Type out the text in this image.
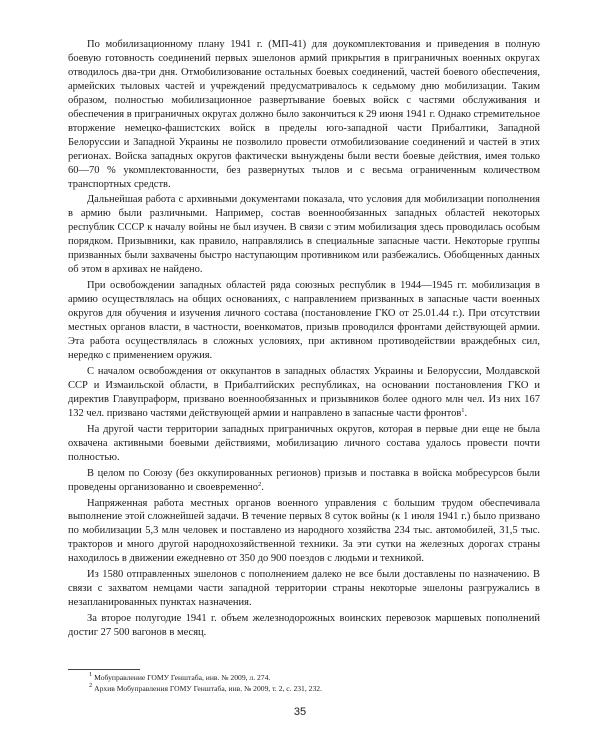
По мобилизационному плану 1941 г. (МП-41) для доукомплектования и приведения в полную боевую готовность соединений первых эшелонов армий прикрытия в приграничных военных округах отводилось два-три дня. Отмобилизование остальных боевых соединений, частей боевого обеспечения, армейских тыловых частей и учреждений предусматривалось к седьмому дню мобилизации. Таким образом, полностью мобилизационное развертывание боевых войск с частями обслуживания и обеспечения в приграничных округах должно было закончиться к 29 июня 1941 г. Однако стремительное вторжение немецко-фашистских войск в пределы юго-западной части Прибалтики, Западной Белоруссии и Западной Украины не позволило провести отмобилизование соединений и частей в этих регионах. Войска западных округов фактически вынуждены были вести боевые действия, имея только 60—70 % укомплектованности, без развернутых тылов и с весьма ограниченным количеством транспортных средств.

Дальнейшая работа с архивными документами показала, что условия для мобилизации пополнения в армию были различными. Например, состав военнообязанных западных областей некоторых республик СССР к началу войны не был изучен. В связи с этим мобилизация здесь проводилась особым порядком. Призывники, как правило, направлялись в специальные запасные части. Некоторые группы призванных были захвачены быстро наступающим противником или разбежались. Обобщенных данных об этом в архивах не найдено.

При освобождении западных областей ряда союзных республик в 1944—1945 гг. мобилизация в армию осуществлялась на общих основаниях, с направлением призванных в запасные части военных округов для обучения и изучения личного состава (постановление ГКО от 25.01.44 г.). При отсутствии местных органов власти, в частности, военкоматов, призыв проводился фронтами действующей армии. Эта работа осуществлялась в сложных условиях, при активном противодействии враждебных сил, нередко с применением оружия.

С началом освобождения от оккупантов в западных областях Украины и Белоруссии, Молдавской ССР и Измаильской области, в Прибалтийских республиках, на основании постановления ГКО и директив Главупраформ, призвано военнообязанных и призывников более одного млн чел. Из них 167 132 чел. призвано частями действующей армии и направлено в запасные части фронтов$^1$.

На другой части территории западных приграничных округов, которая в первые дни еще не была охвачена активными боевыми действиями, мобилизацию личного состава удалось провести почти полностью.

В целом по Союзу (без оккупированных регионов) призыв и поставка в войска мобресурсов были проведены организованно и своевременно$^2$.

Напряженная работа местных органов военного управления с большим трудом обеспечивала выполнение этой сложнейшей задачи. В течение первых 8 суток войны (к 1 июля 1941 г.) было призвано по мобилизации 5,3 млн человек и поставлено из народного хозяйства 234 тыс. автомобилей, 31,5 тыс. тракторов и много другой народнохозяйственной техники. За эти сутки на железных дорогах страны находилось в движении ежедневно от 350 до 900 поездов с людьми и техникой.

Из 1580 отправленных эшелонов с пополнением далеко не все были доставлены по назначению. В связи с захватом немцами части западной территории страны некоторые эшелоны разгружались в незапланированных пунктах назначения.

За второе полугодие 1941 г. объем железнодорожных воинских перевозок маршевых пополнений достиг 27 500 вагонов в месяц.

$^1$ Мобуправление ГОМУ Генштаба, инв. № 2009, л. 274.

$^2$ Архив Мобуправления ГОМУ Генштаба, инв. № 2009, т. 2, с. 231, 232.

35
